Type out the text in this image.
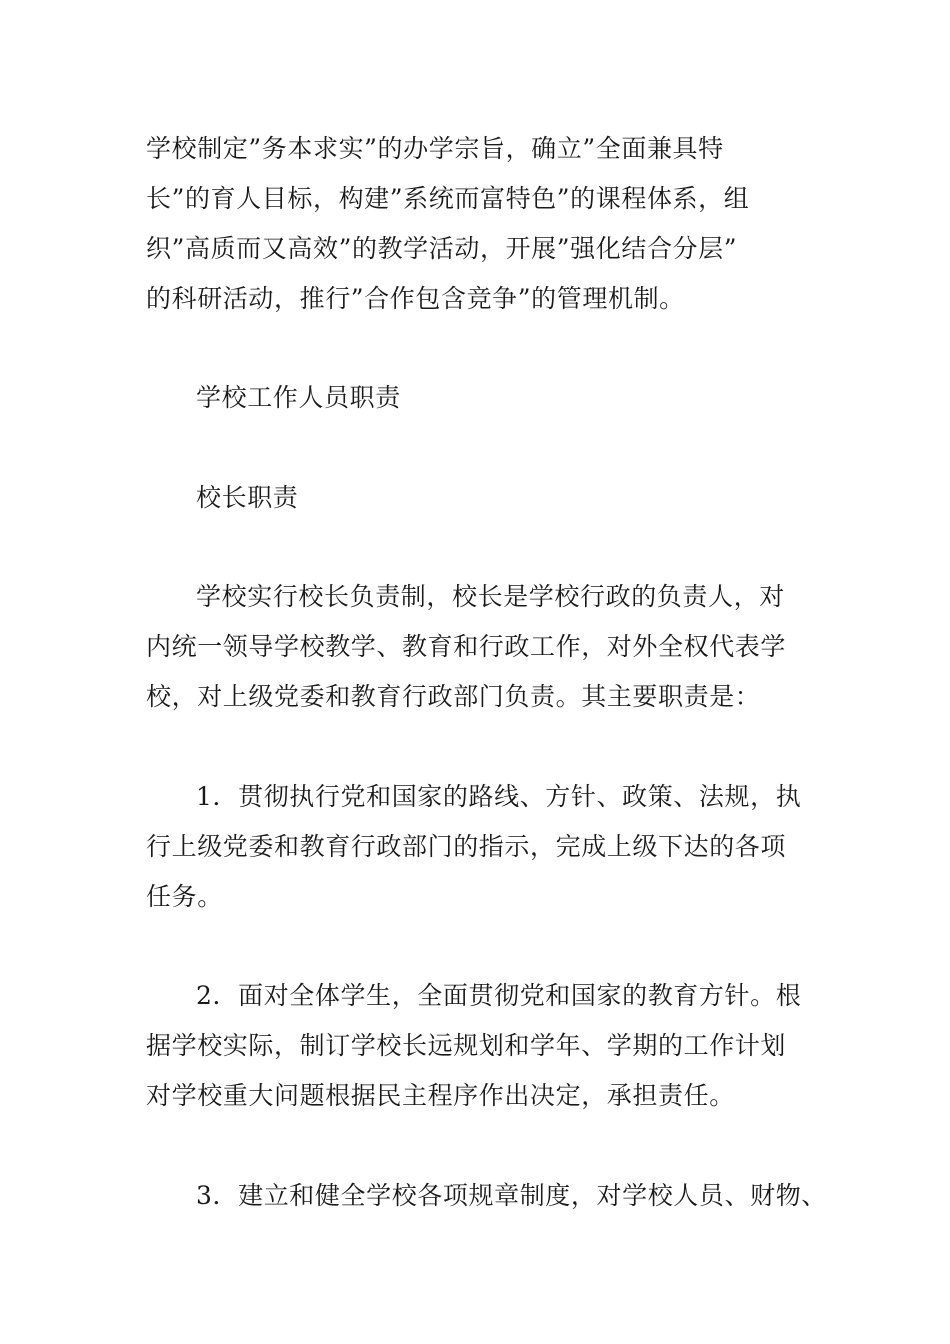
学校制定”务本求实”的办学宗旨，确立”全面兼具特
长”的育人目标，构建”系统而富特色”的课程体系，组
织”高质而又高效”的教学活动，开展”强化结合分层”
的科研活动，推行”合作包含竞争”的管理机制。
学校工作人员职责
校长职责
学校实行校长负责制，校长是学校行政的负责人，对
内统一领导学校教学、教育和行政工作，对外全权代表学
校，对上级党委和教育行政部门负责。其主要职责是：
1．贯彻执行党和国家的路线、方针、政策、法规，执
行上级党委和教育行政部门的指示，完成上级下达的各项
任务。
2．面对全体学生，全面贯彻党和国家的教育方针。根
据学校实际，制订学校长远规划和学年、学期的工作计划
对学校重大问题根据民主程序作出决定，承担责任。
3．建立和健全学校各项规章制度，对学校人员、财物、
